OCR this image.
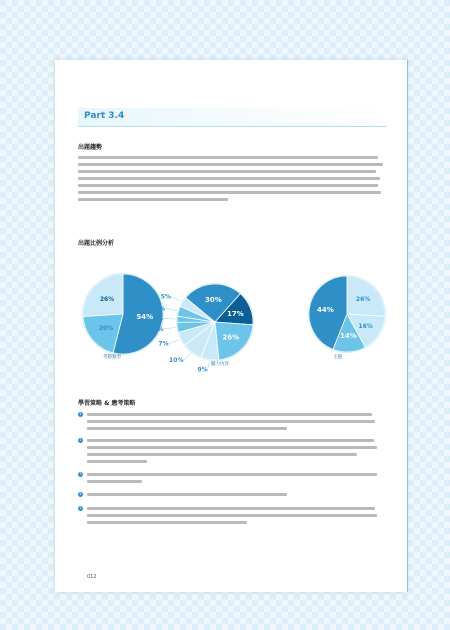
Part 3.4
出題趨勢
出題比例分析
54%
20%
26%	30%
17%
26%
9%
10%
7%
5%
3%
5%
5%	26%
16%
14%
44%
考題類型
聽力內容
主題
學習策略 & 應考策略
1
2
3
4
5
012
